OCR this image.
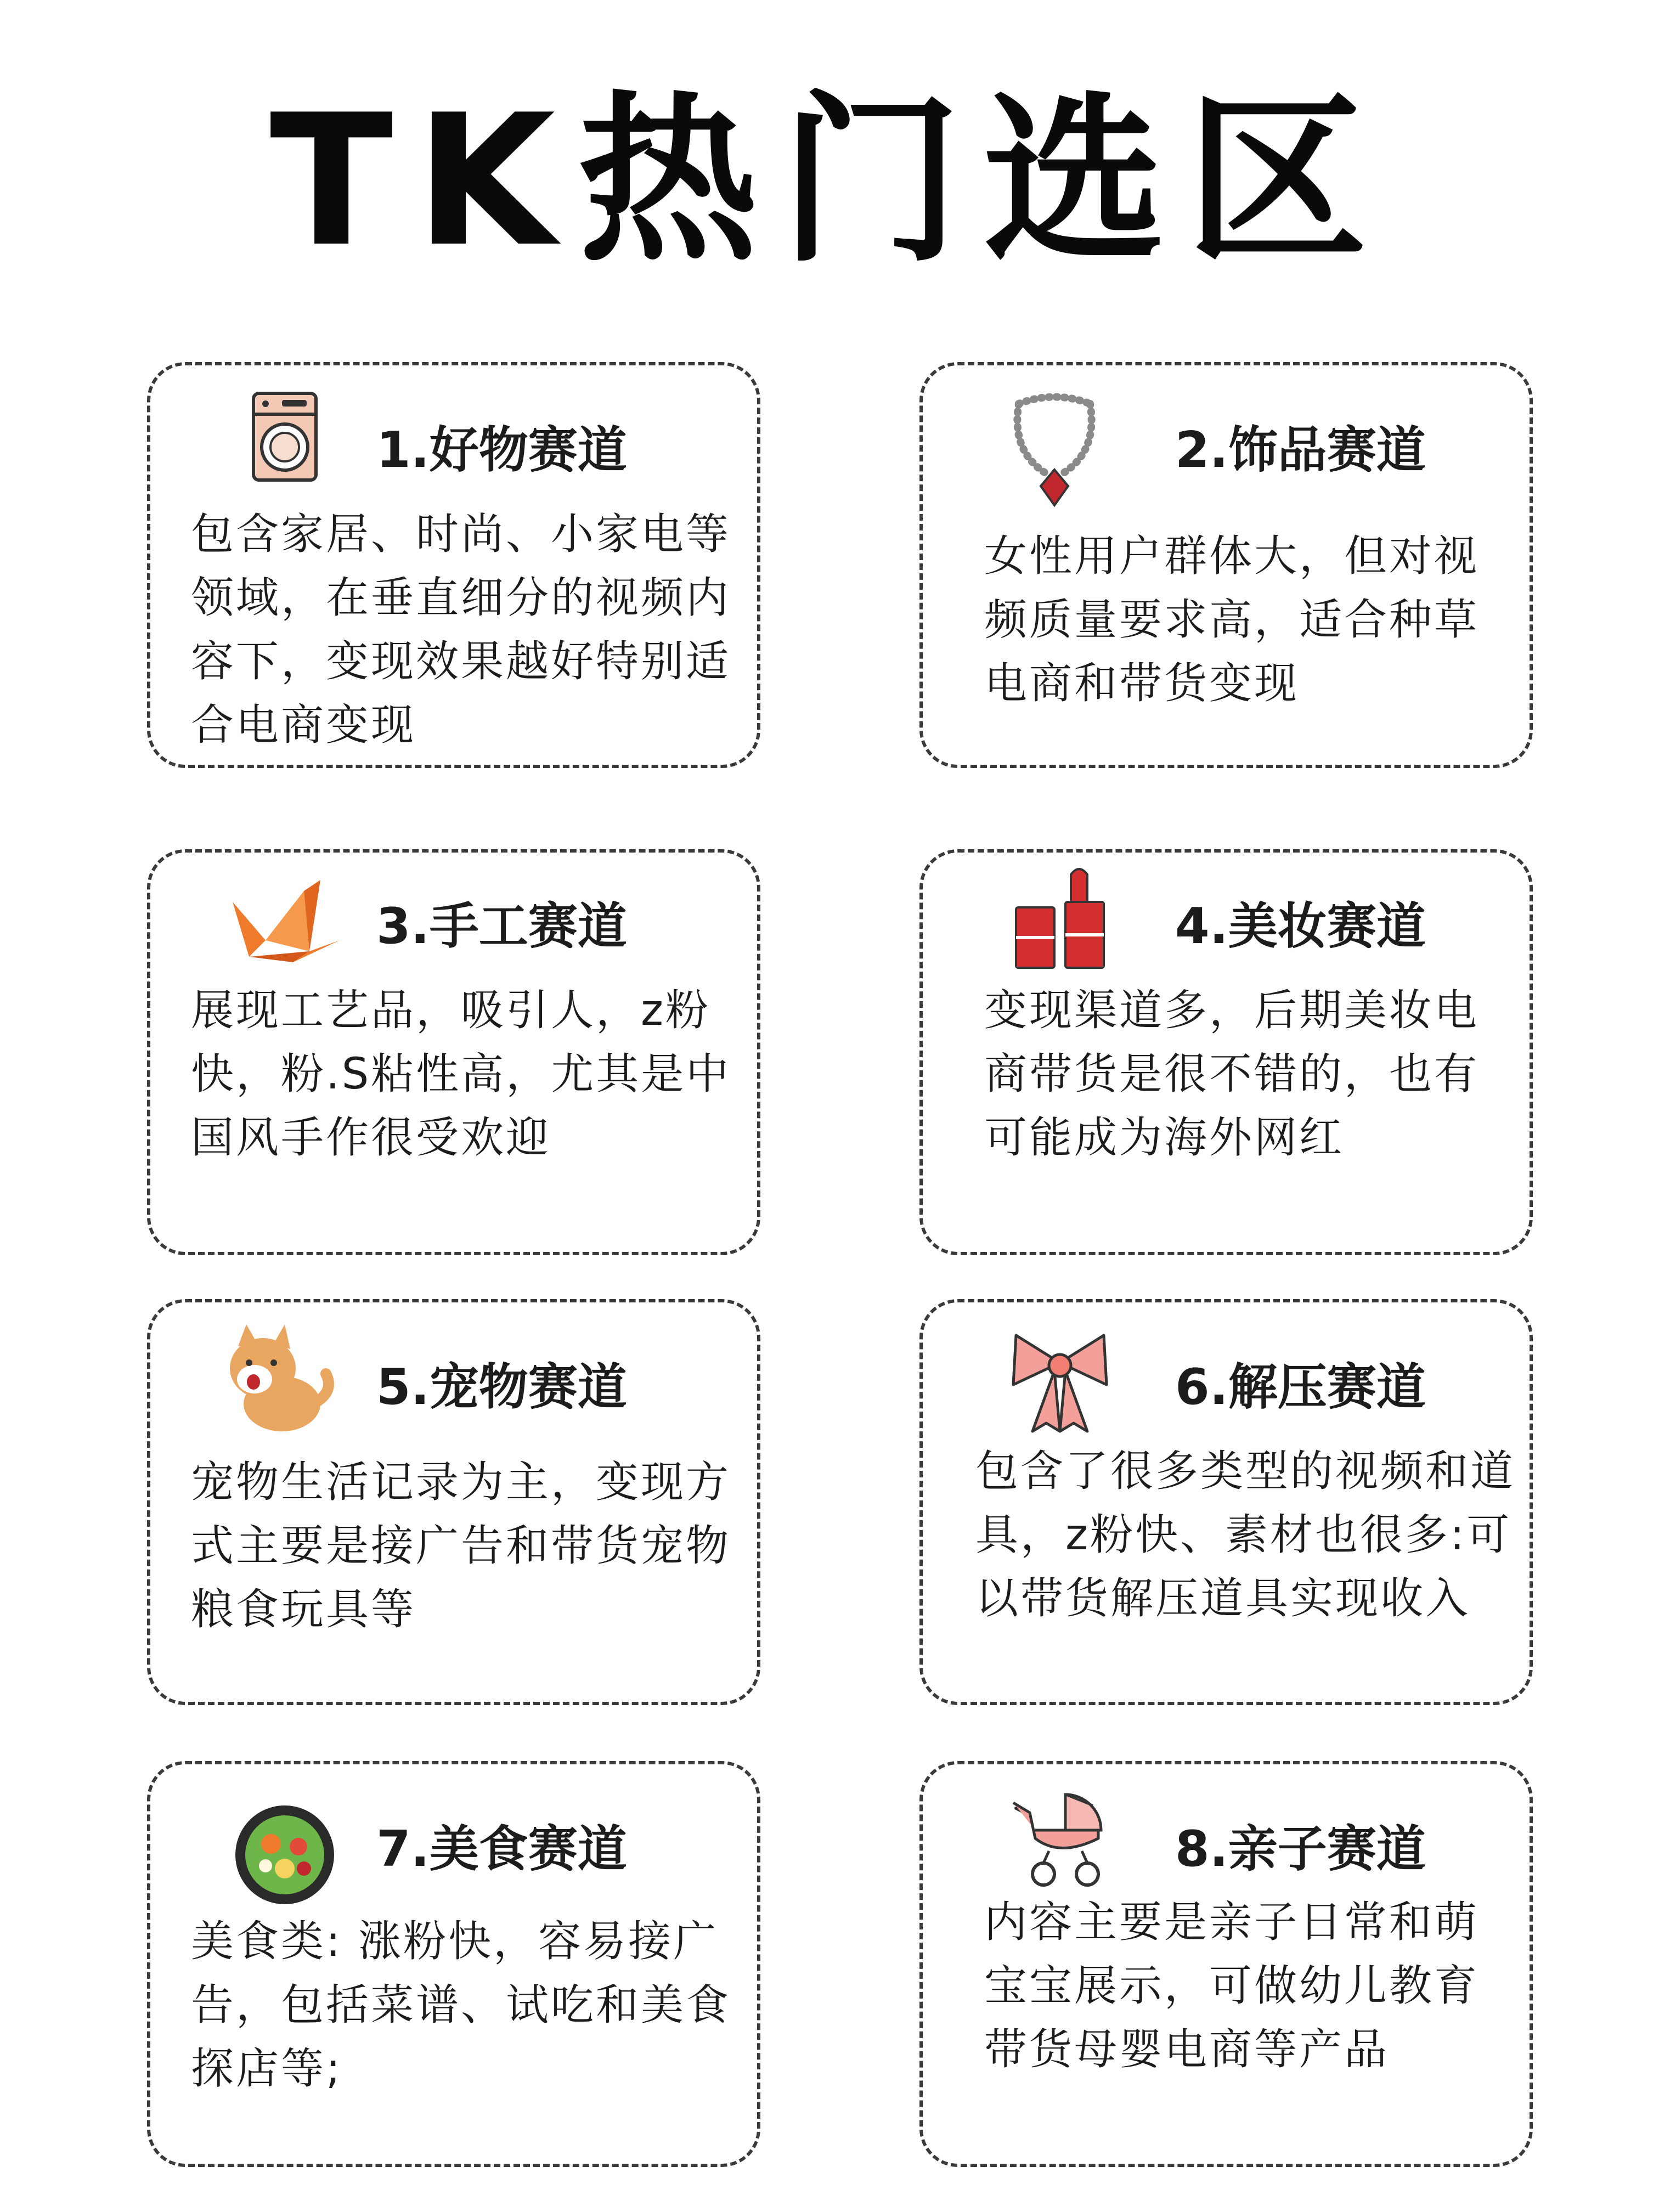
TK热门选区
1.好物赛道
包含家居、时尚、小家电等领域，在垂直细分的视频内容下，变现效果越好特别适合电商变现
2.饰品赛道
女性用户群体大，但对视频质量要求高，适合种草电商和带货变现
3.手工赛道
展现工艺品，吸引人，z粉快，粉.S粘性高，尤其是中国风手作很受欢迎
4.美妆赛道
变现渠道多，后期美妆电商带货是很不错的，也有可能成为海外网红
5.宠物赛道
宠物生活记录为主，变现方式主要是接广告和带货宠物粮食玩具等
6.解压赛道
包含了很多类型的视频和道具，z粉快、素材也很多:可以带货解压道具实现收入
7.美食赛道
美食类: 涨粉快，容易接广告，包括菜谱、试吃和美食探店等;
8.亲子赛道
内容主要是亲子日常和萌宝宝展示，可做幼儿教育带货母婴电商等产品
